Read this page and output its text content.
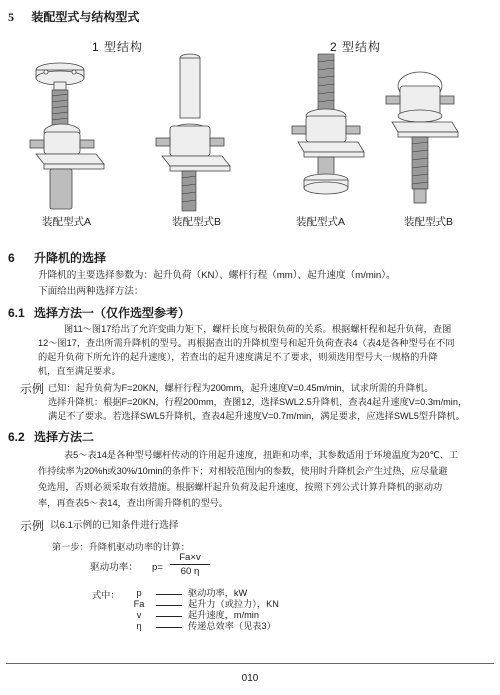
5 装配型式与结构型式
1 型结构	2 型结构
装配型式A	装配型式B	装配型式A	装配型式B
6 升降机的选择
升降机的主要选择参数为：起升负荷（KN）、螺杆行程（mm）、起升速度（m/min）。
下面给出两种选择方法：
6.1 选择方法一（仅作选型参考）
图11～图17给出了允许变曲力矩下，螺杆长度与极限负荷的关系。根据螺杆程和起升负荷，查图
12～图17，查出所需升降机的型号。再根据查出的升降机型号和起升负荷查表4（表4是各种型号在不同
的起升负荷下所允许的起升速度），若查出的起升速度满足不了要求，则须选用型号大一规格的升降
机，直至满足要求。
示例 已知：起升负荷为F=20KN，螺杆行程为200mm，起升速度V=0.45m/min，试求所需的升降机。
选择升降机：根据F=20KN，行程200mm，查图12，选择SWL2.5升降机，查表4起升速度V=0.3m/min，
满足不了要求。若选择SWL5升降机，查表4起升速度V=0.7m/min，满足要求，应选择SWL5型升降机。
6.2 选择方法二
表5～表14是各种型号螺杆传动的许用起升速度，扭距和功率，其参数适用于环境温度为20℃、工
作持续率为20%h或30%/10min的条件下；对相较范围内的参数，使用时升降机会产生过热，应尽量避
免选用，否则必须采取有效措施。根据螺杆起升负荷及起升速度，按照下列公式计算升降机的驱动功
率，再查表5～表14，查出所需升降机的型号。
示例 以6.1示例的已知条件进行选择
第一步：升降机驱动功率的计算：
驱动功率： $p= \frac{Fa\times v}{60 \eta}$
式中：	p	驱动功率，kW
Fa	起升力（或拉力），KN
v	起升速度，m/min
η	传递总效率（见表3）
010
